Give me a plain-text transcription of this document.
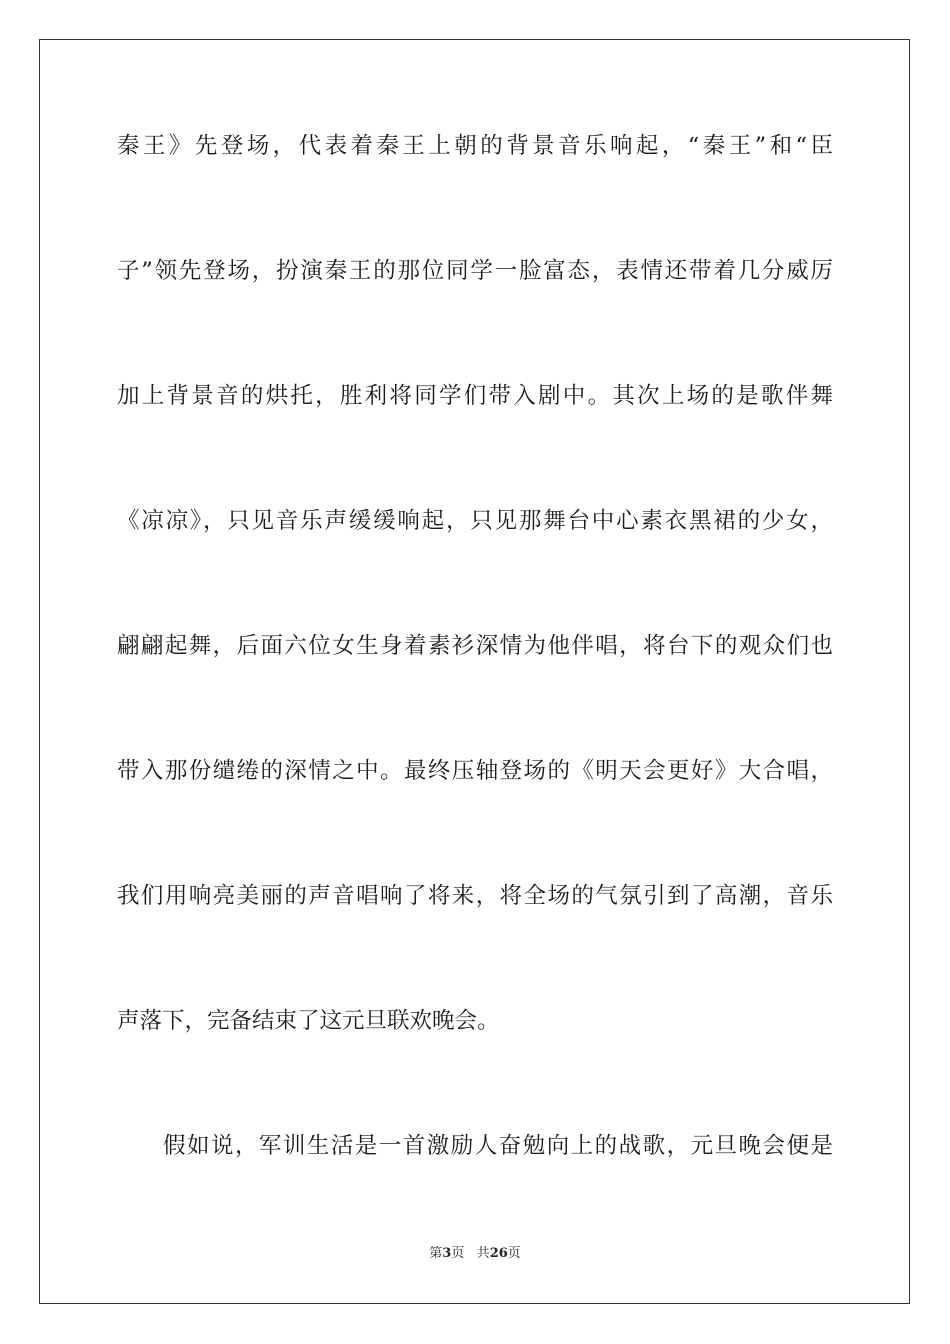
秦王》先登场，代表着秦王上朝的背景音乐响起，“秦王”和“臣
子”领先登场，扮演秦王的那位同学一脸富态，表情还带着几分威厉
加上背景音的烘托，胜利将同学们带入剧中。其次上场的是歌伴舞
《凉凉》，只见音乐声缓缓响起，只见那舞台中心素衣黑裙的少女，
翩翩起舞，后面六位女生身着素衫深情为他伴唱，将台下的观众们也
带入那份缱绻的深情之中。最终压轴登场的《明天会更好》大合唱，
我们用响亮美丽的声音唱响了将来，将全场的气氛引到了高潮，音乐
声落下，完备结束了这元旦联欢晚会。
假如说，军训生活是一首激励人奋勉向上的战歌，元旦晚会便是
第3页 共26页
